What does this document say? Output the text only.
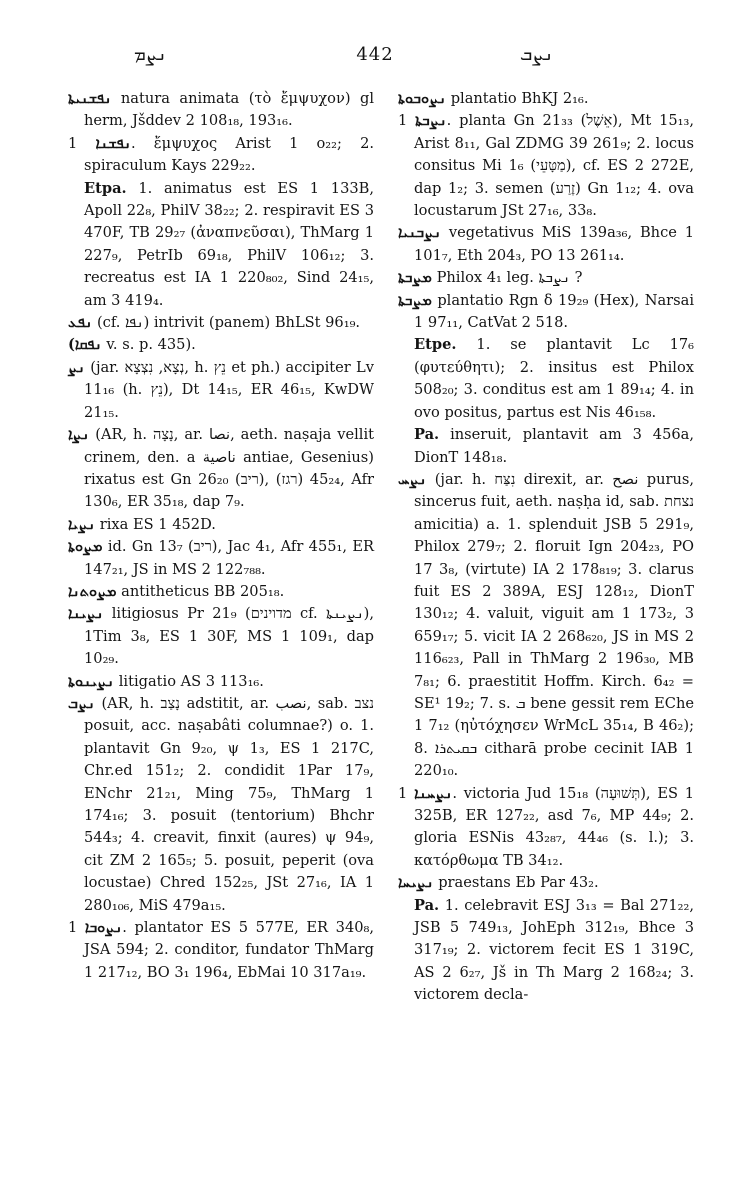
ܢܨܡ	442	ܢܨܒ

ܢܦܫܢܝܬܐ natura animata (τὸ ἔμψυχον) gl herm, Jšddev 2 108₁₈, 193₁₆.

ܢܦܫܢܐ 1. ἔμψυχος Arist 1 o₂₂; 2. spiraculum Kays 229₂₂.

Etpa. 1. animatus est ES 1 133B, Apoll 22₈, PhilV 38₂₂; 2. respiravit ES 3 470F, TB 29₂₇ (ἀναπνεῦσαι), ThMarg 1 227₉, PetrIb 69₁₈, PhilV 106₁₂; 3. recreatus est IA 1 220₈₀₂, Sind 24₁₅, am 3 419₄.

ܢܦܥ (cf. ܢܦܐ) intrivit (panem) BhLSt 96₁₉.

(ܢܦܩܐ v. s. p. 435).

ܢܨ (jar. נְצָא, נִצְצָא, h. נֵץ et ph.) accipiter Lv 11₁₆ (h. נֵץ), Dt 14₁₅, ER 46₁₅, KwDW 21₁₅.

ܢܨܐ (AR, h. נָצָה, ar. نصا, aeth. naṣaja vellit crinem, den. a ناصية antiae, Gesenius) rixatus est Gn 26₂₀ (ריב), 45₂₄ (רגז), Afr 130₆, ER 35₁₈, dap 7₉.

ܢܨܝܐ rixa ES 1 452D.

ܡܨܘܬܐ id. Gn 13₇ (ריב), Jac 4₁, Afr 455₁, ER 147₂₁, JS in MS 2 122₇₈₈.

ܡܨܘܬܢܐ antitheticus BB 205₁₈.

ܢܨܝܢܐ litigiosus Pr 21₉ (מדוינים cf. ܢܨܝܢܬܐ), 1Tim 3₈, ES 1 30F, MS 1 109₁, dap 10₂₉.

ܢܨܝܢܘܬܐ litigatio AS 3 113₁₆.

ܢܨܒ (AR, h. נָצַב adstitit, ar. نصب, sab. נצב posuit, acc. naṣabâti columnae?) o. 1. plantavit Gn 9₂₀, ψ 1₃, ES 1 217C, Chr.ed 151₂; 2. condidit 1Par 17₉, ENchr 21₂₁, Ming 75₉, ThMarg 1 174₁₆; 3. posuit (tentorium) Bhchr 544₃; 4. creavit, finxit (aures) ψ 94₉, cit ZM 2 165₅; 5. posuit, peperit (ova locustae) Chred 152₂₅, JSt 27₁₆, IA 1 280₁₀₆, MiS 479a₁₅.

ܢܨܘܒܐ 1. plantator ES 5 577E, ER 340₈, JSA 594; 2. conditor, fundator ThMarg 1 217₁₂, BO 3₁ 196₄, EbMai 10 317a₁₉.

ܢܨܘܒܘܬܐ plantatio BhKJ 2₁₆.

ܢܨܒܬܐ 1. planta Gn 21₃₃ (אֵשֶׁל), Mt 15₁₃, Arist 8₁₁, Gal ZDMG 39 261₉; 2. locus consitus Mi 1₆ (מַטָּעֵי), cf. ES 2 272E, dap 1₂; 3. semen (זֶרַע) Gn 1₁₂; 4. ova locustarum JSt 27₁₆, 33₈.

ܢܨܒܢܝܐ vegetativus MiS 139a₃₆, Bhce 1 101₇, Eth 204₃, PO 13 261₁₄.

ܡܨܒܬܐ Philox 4₁ leg. ܢܨܒܬܐ ?

ܡܨܒܬܐ plantatio Rgn δ 19₂₉ (Hex), Narsai 1 97₁₁, CatVat 2 518.

Etpe. 1. se plantavit Lc 17₆ (φυτεύθητι); 2. insitus est Philox 508₂₀; 3. conditus est am 1 89₁₄; 4. in ovo positus, partus est Nis 46₁₅₈.

Pa. inseruit, plantavit am 3 456a, DionT 148₁₈.

ܢܨܚ (jar. h. נִצַּח direxit, ar. نصح purus, sincerus fuit, aeth. naṣḥa id, sab. נצחת amicitia) a. 1. splenduit JSB 5 291₉, Philox 279₇; 2. floruit Ign 204₂₃, PO 17 3₈, (virtute) IA 2 178₈₁₉; 3. clarus fuit ES 2 389A, ESJ 128₁₂, DionT 130₁₂; 4. valuit, viguit am 1 173₂, 3 659₁₇; 5. vicit IA 2 268₆₂₀, JS in MS 2 116₆₂₃, Pall in ThMarg 2 196₃₀, MB 7₈₁; 6. praestitit Hoffm. Kirch. 6₄₂ = SE¹ 19₂; 7. s. ܒ bene gessit rem EChe 1 7₁₂ (ηὐτόχησεν WrMcL 35₁₄, B 46₂); 8. ܒܩܝܬܪܐ citharā probe cecinit IAB 1 220₁₀.

ܢܨܚܢܐ 1. victoria Jud 15₁₈ (תְּשׁוּעָה), ES 1 325B, ER 127₂₂, asd 7₆, MP 44₉; 2. gloria ESNis 43₂₈₇, 44₄₆ (s. l.); 3. κατόρθωμα TB 34₁₂.

ܢܨܝܚܐ praestans Eb Par 43₂.

Pa. 1. celebravit ESJ 3₁₃ = Bal 271₂₂, JSB 5 749₁₃, JohEph 312₁₉, Bhce 3 317₁₉; 2. victorem fecit ES 1 319C, AS 2 6₂₇, Jš in Th Marg 2 168₂₄; 3. victorem decla-
